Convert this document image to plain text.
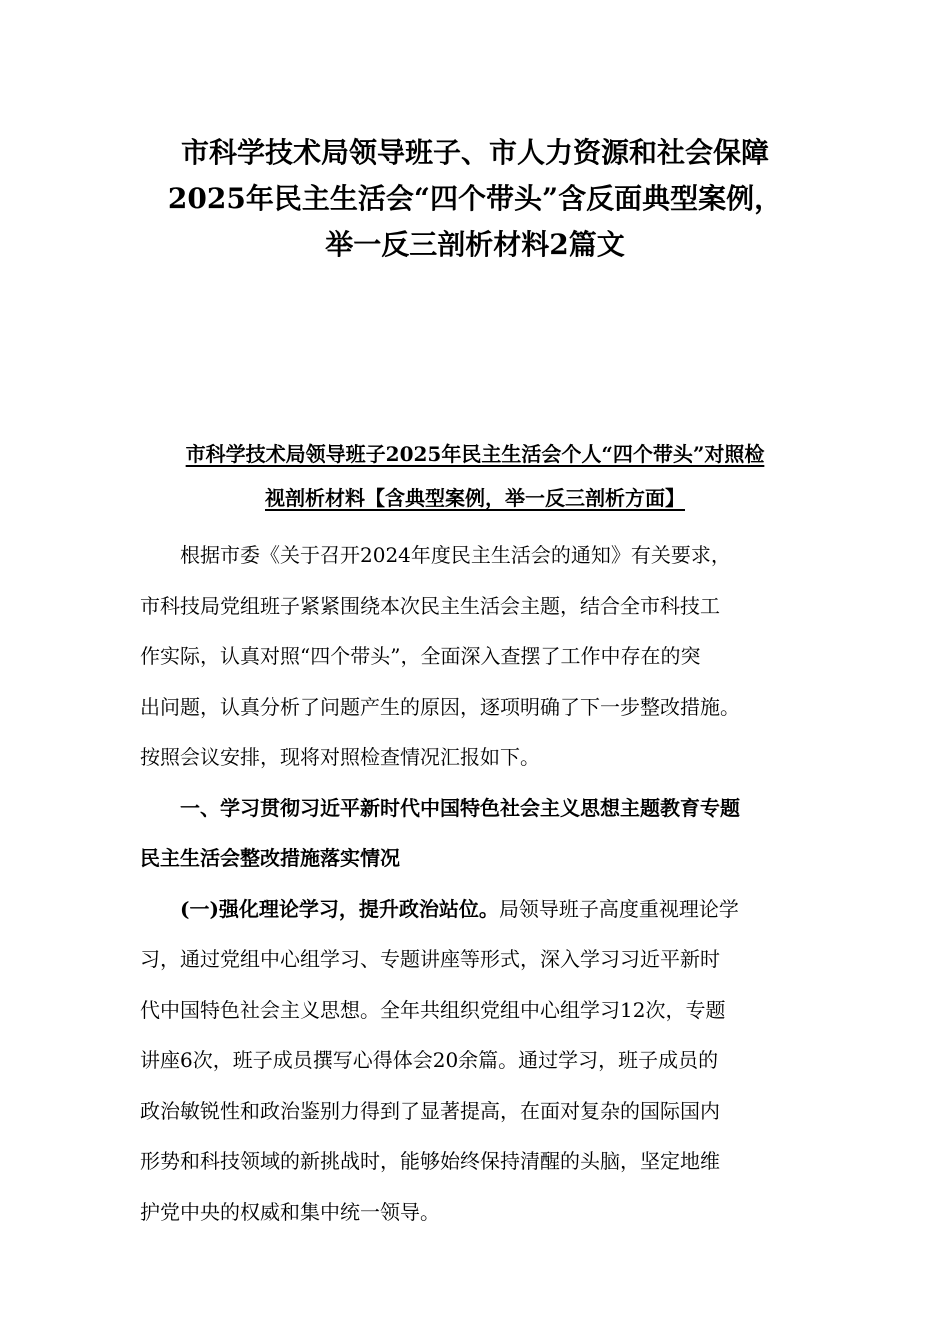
市科学技术局领导班子、市人力资源和社会保障
2025年民主生活会“四个带头”含反面典型案例，
举一反三剖析材料2篇文
市科学技术局领导班子2025年民主生活会个人“四个带头”对照检
视剖析材料【含典型案例，举一反三剖析方面】
根据市委《关于召开2024年度民主生活会的通知》有关要求，
市科技局党组班子紧紧围绕本次民主生活会主题，结合全市科技工
作实际，认真对照“四个带头”，全面深入查摆了工作中存在的突
出问题，认真分析了问题产生的原因，逐项明确了下一步整改措施。
按照会议安排，现将对照检查情况汇报如下。
一、学习贯彻习近平新时代中国特色社会主义思想主题教育专题
民主生活会整改措施落实情况
(一)强化理论学习，提升政治站位。局领导班子高度重视理论学
习，通过党组中心组学习、专题讲座等形式，深入学习习近平新时
代中国特色社会主义思想。全年共组织党组中心组学习12次，专题
讲座6次，班子成员撰写心得体会20余篇。通过学习，班子成员的
政治敏锐性和政治鉴别力得到了显著提高，在面对复杂的国际国内
形势和科技领域的新挑战时，能够始终保持清醒的头脑，坚定地维
护党中央的权威和集中统一领导。
